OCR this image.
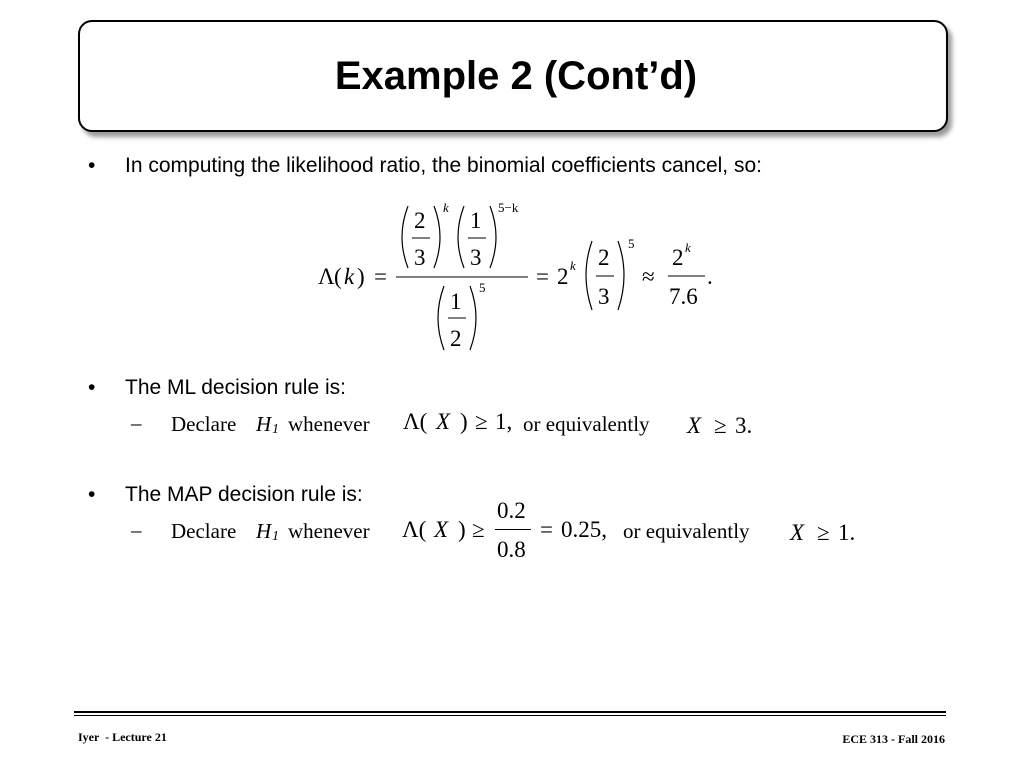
Example 2 (Cont’d)
• In computing the likelihood ratio, the binomial coefficients cancel, so:
Λ ( k ) =
2
3
k
1
3
5−k
1
2
5 = 2 k 2
3
5
≈
2 k
7.6
.
• The ML decision rule is:
– Declare H 1 whenever Λ( X ) ≥ 1, or equivalently X ≥ 3.
• The MAP decision rule is:
– Declare H 1 whenever Λ( X ) ≥
0.2
0.8
= 0.25, or equivalently X ≥ 1.
Iyer  - Lecture 21	ECE 313 - Fall 2016
